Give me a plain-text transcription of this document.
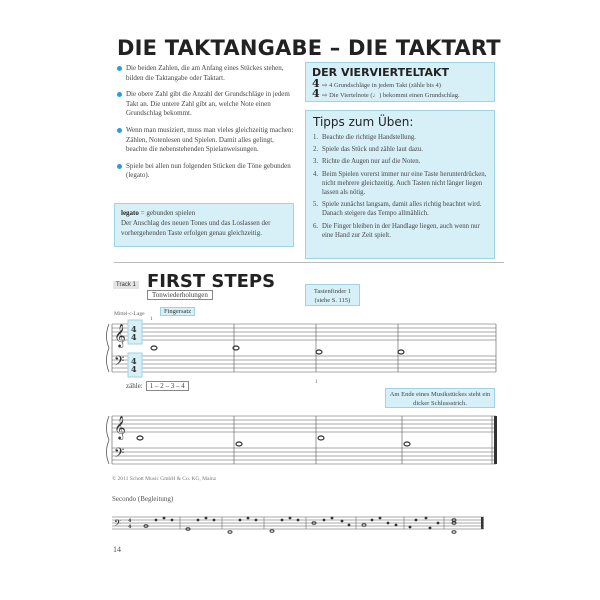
DIE TAKTANGABE – DIE TAKTART
Die beiden Zahlen, die am Anfang eines Stückes stehen, bilden die Taktangabe oder Taktart.
Die obere Zahl gibt die Anzahl der Grundschläge in jedem Takt an. Die untere Zahl gibt an, welche Note einen Grundschlag bekommt.
Wenn man musiziert, muss man vieles gleichzeitig machen: Zählen, Notenlesen und Spielen. Damit alles gelingt, beachte die nebenstehenden Spielanweisungen.
Spiele bei allen nun folgenden Stücken die Töne gebunden (legato).
legato = gebunden spielen
Der Anschlag des neuen Tones und das Loslassen der vorhergehenden Taste erfolgen genau gleichzeitig.
DER VIERVIERTELTAKT
4 ⇨ 4 Grundschläge in jedem Takt (zähle bis 4)
4 ⇨ Die Viertelnote (♩) bekommt einen Grundschlag.
Tipps zum Üben:
1. Beachte die richtige Handstellung.
2. Spiele das Stück und zähle laut dazu.
3. Richte die Augen nur auf die Noten.
4. Beim Spielen vorerst immer nur eine Taste herunterdrücken, nicht mehrere gleichzeitig. Auch Tasten nicht länger liegen lassen als nötig.
5. Spiele zunächst langsam, damit alles richtig beachtet wird. Danach steigere das Tempo allmählich.
6. Die Finger bleiben in der Handlage liegen, auch wenn nur eine Hand zur Zeit spielt.
Track 1 FIRST STEPS
Tonwiederholungen	Tastenfinder 1 (siehe S. 115)
Mittel-c-Lage	Fingersatz
1
1
𝄞
𝄢
4
4
4
4
zähle: 1 – 2 – 3 – 4
Am Ende eines Musikstückes steht ein dicker Schlussstrich.
𝄞
𝄢
© 2011 Schott Music GmbH & Co. KG, Mainz
Secondo (Begleitung)
𝄢 4
4
14
